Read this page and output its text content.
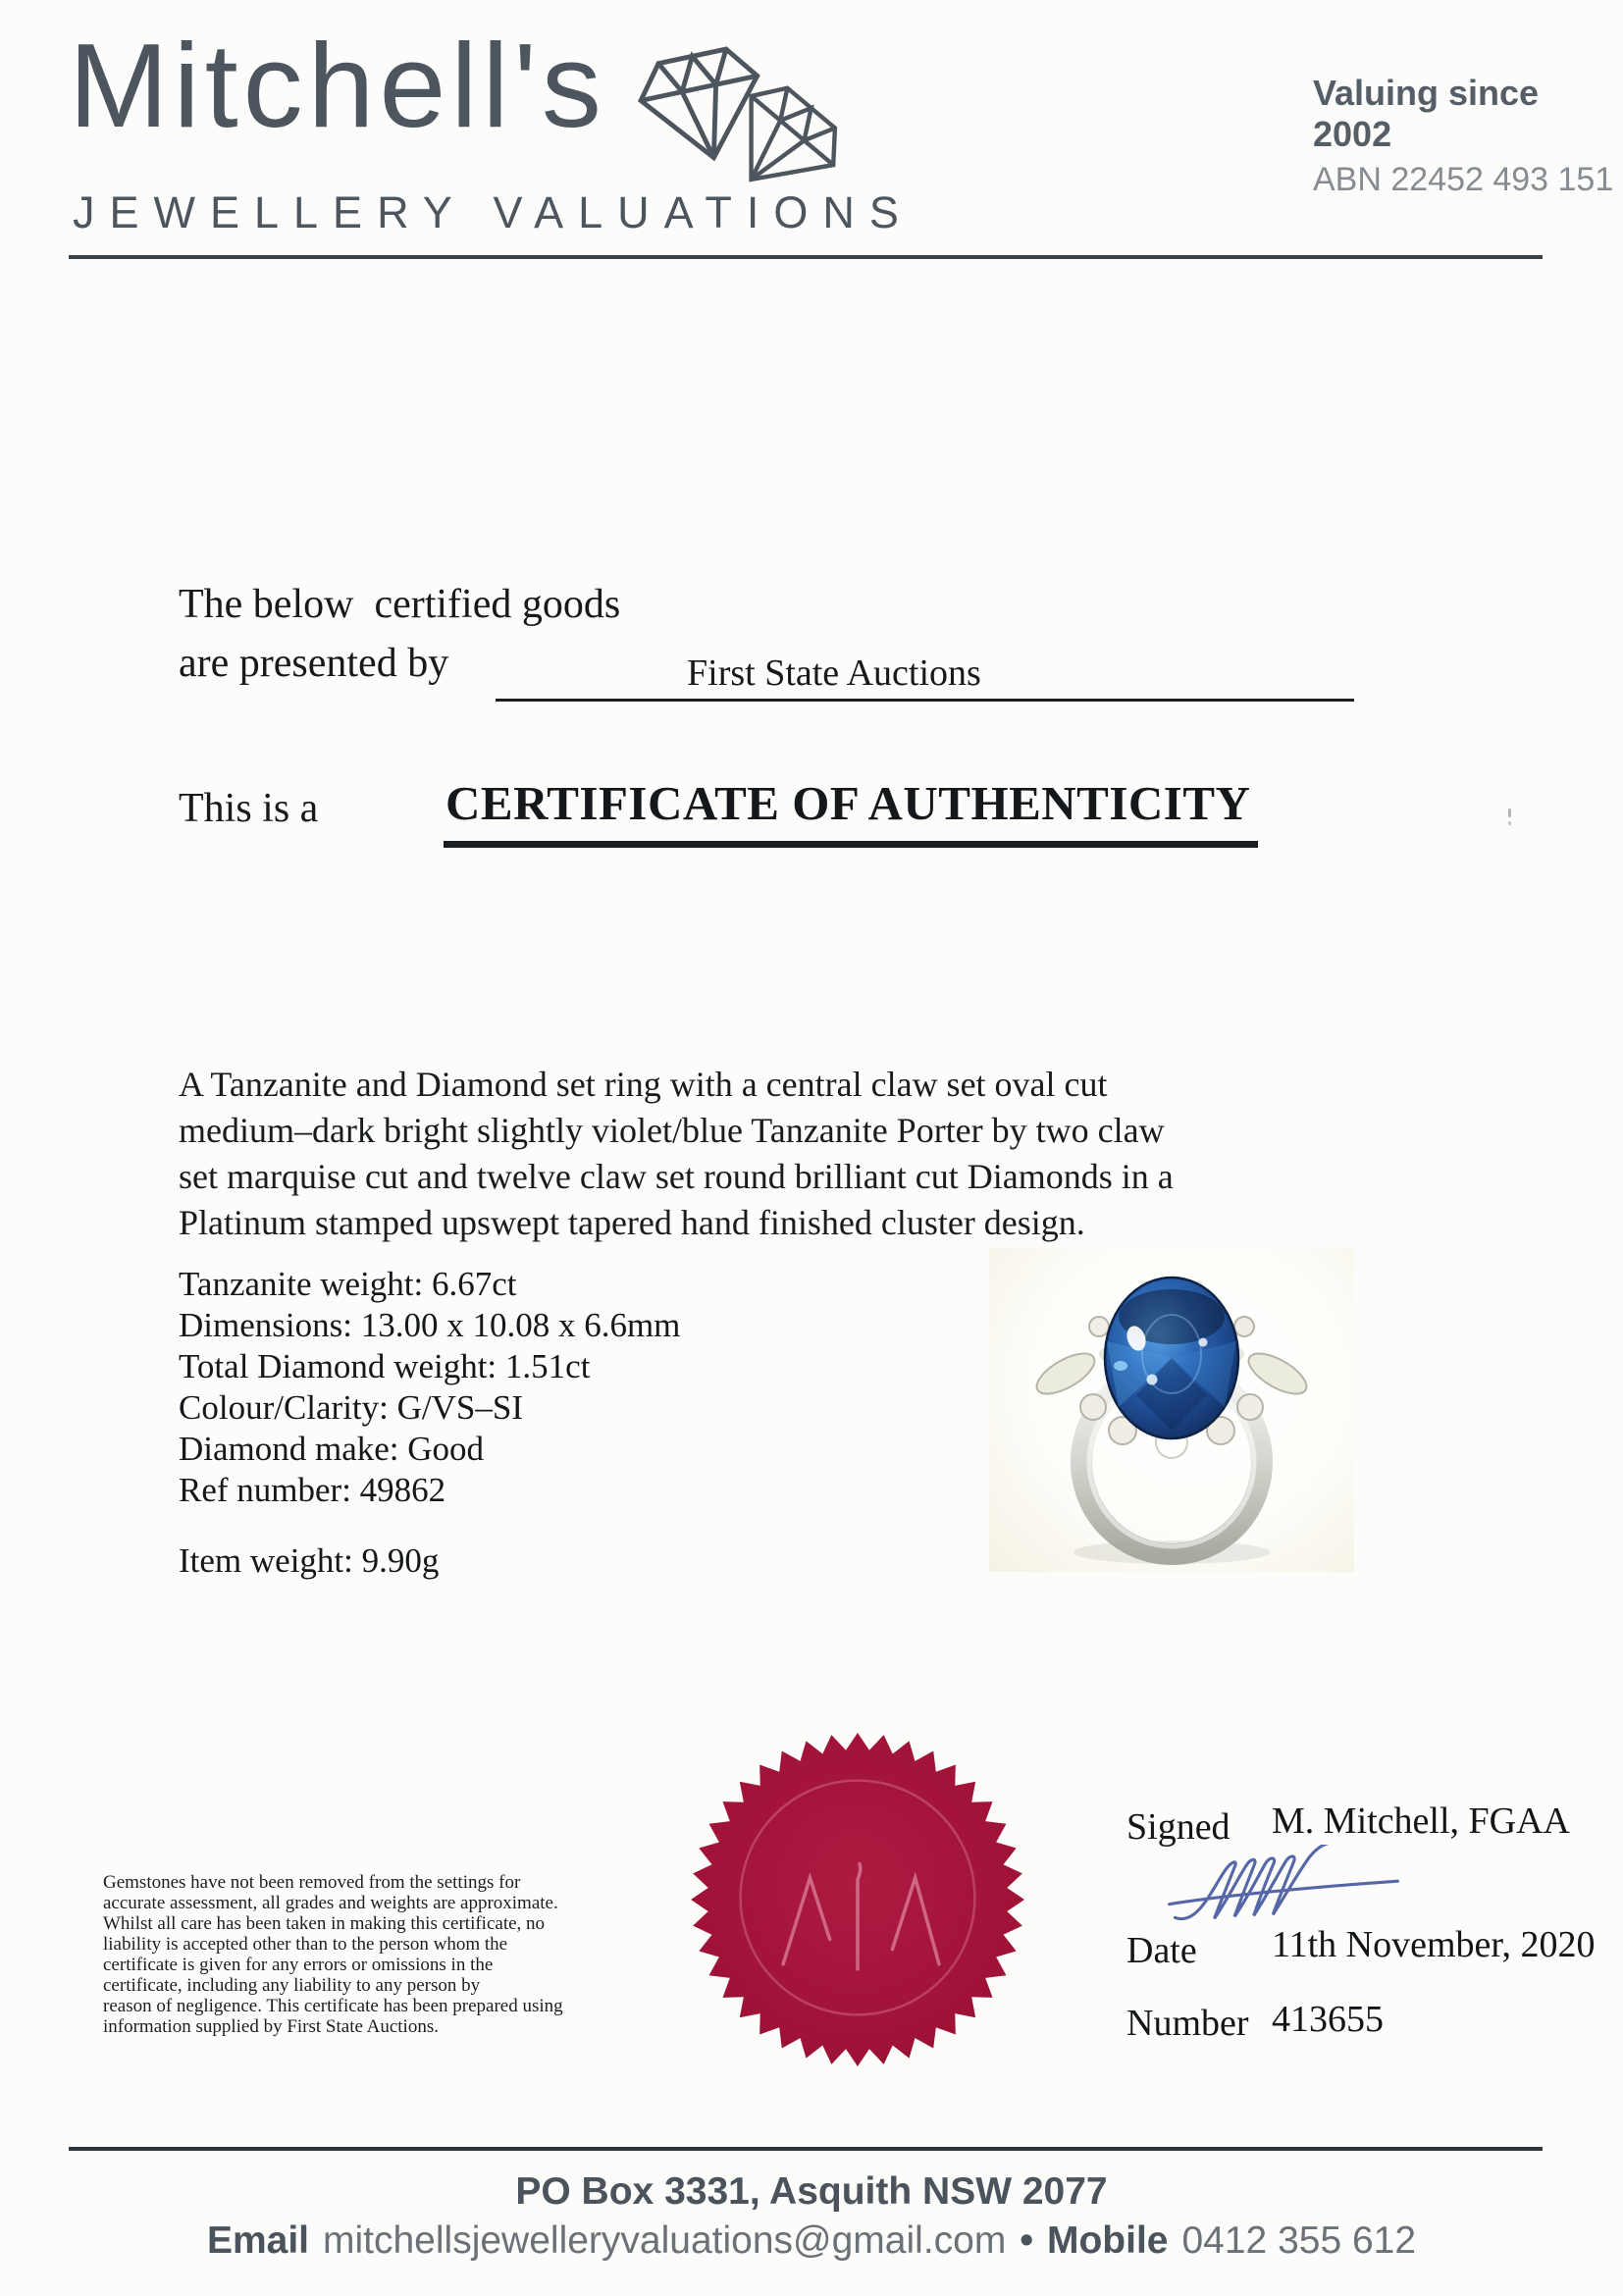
Mitchell's
JEWELLERY VALUATIONS
Valuing since 2002
ABN 22452 493 151
The below  certified goods
are presented by	First State Auctions
This is a	CERTIFICATE OF AUTHENTICITY
A Tanzanite and Diamond set ring with a central claw set oval cut
medium–dark bright slightly violet/blue Tanzanite Porter by two claw
set marquise cut and twelve claw set round brilliant cut Diamonds in a
Platinum stamped upswept tapered hand finished cluster design.
Tanzanite weight: 6.67ct
Dimensions: 13.00 x 10.08 x 6.6mm
Total Diamond weight: 1.51ct
Colour/Clarity: G/VS–SI
Diamond make: Good
Ref number: 49862
Item weight: 9.90g
Signed M. Mitchell, FGAA
Date 11th November, 2020
Number 413655
Gemstones have not been removed from the settings for
accurate assessment, all grades and weights are approximate.
Whilst all care has been taken in making this certificate, no
liability is accepted other than to the person whom the
certificate is given for any errors or omissions in the
certificate, including any liability to any person by
reason of negligence. This certificate has been prepared using
information supplied by First State Auctions.
PO Box 3331, Asquith NSW 2077
Email mitchellsjewelleryvaluations@gmail.com • Mobile 0412 355 612
